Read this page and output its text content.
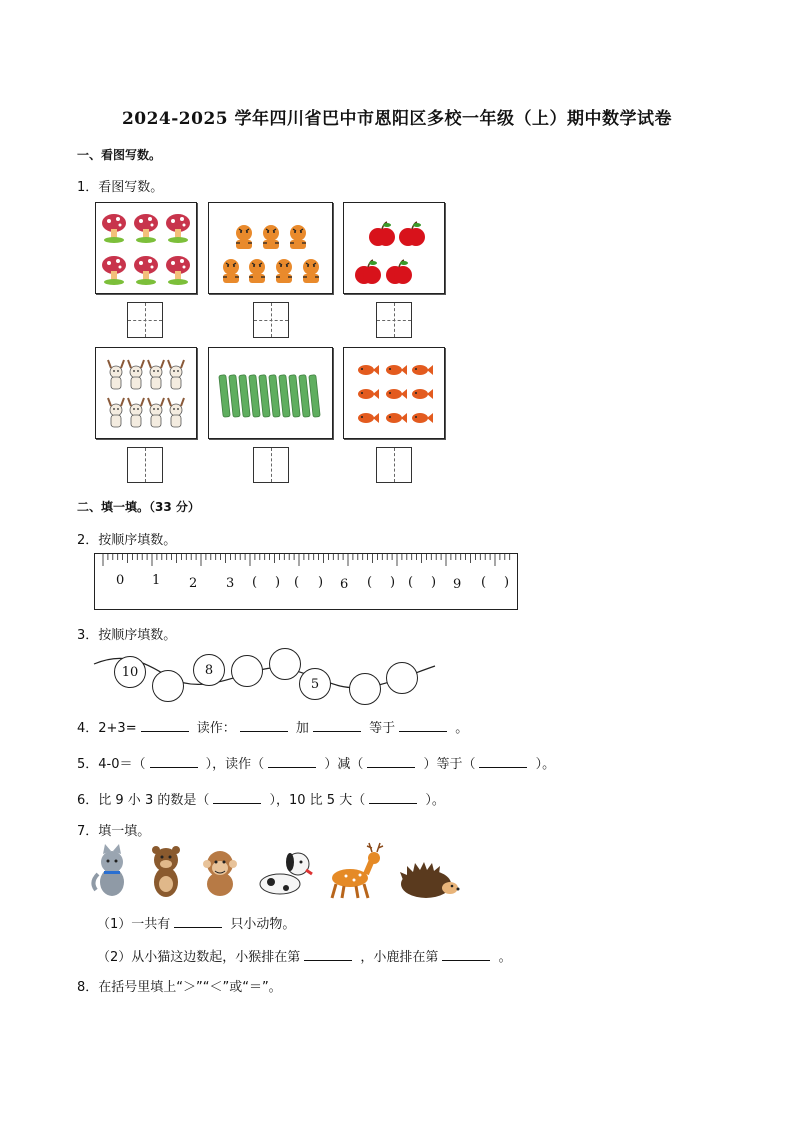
2024-2025 学年四川省巴中市恩阳区多校一年级（上）期中数学试卷
一、看图写数。
1．看图写数。
二、填一填。（33 分）
2．按顺序填数。
0 1 2 3 ( ) ( ) 6 ( ) ( ) 9 ( )
3．按顺序填数。
10	8
5
4．2+3=	读作：	加	等于	。
5．4-0＝（	），读作（	）减（	）等于（	）。
6．比 9 小 3 的数是（	），10 比 5 大（	）。
7．填一填。
（1）一共有	只小动物。
（2）从小猫这边数起，小猴排在第	，小鹿排在第	。
8．在括号里填上“＞”“＜”或“＝”。
